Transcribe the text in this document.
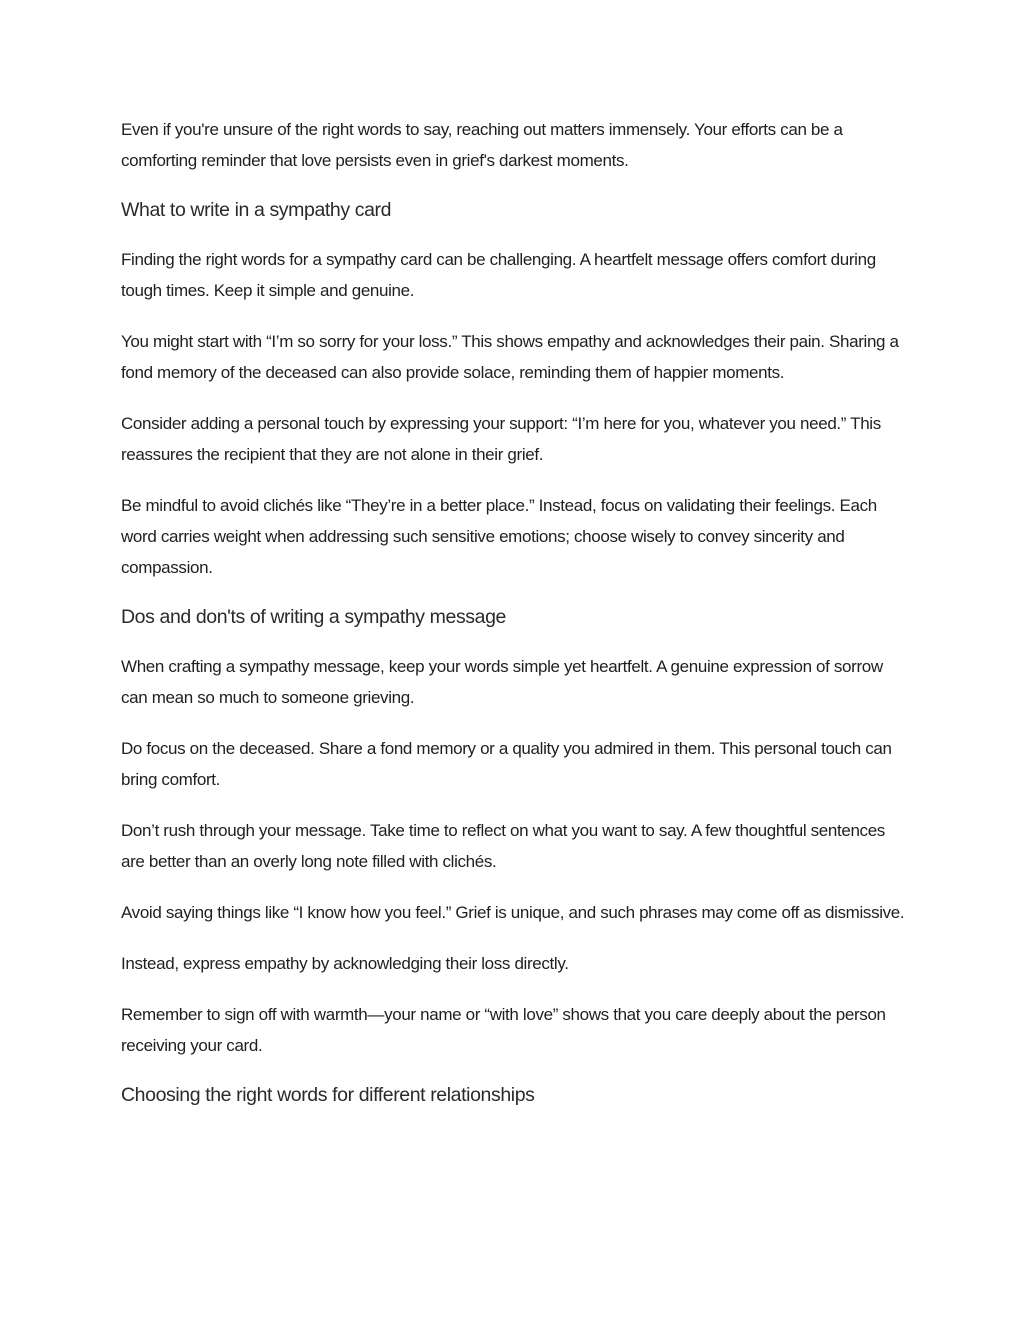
Even if you're unsure of the right words to say, reaching out matters immensely. Your efforts can be a comforting reminder that love persists even in grief's darkest moments.

What to write in a sympathy card

Finding the right words for a sympathy card can be challenging. A heartfelt message offers comfort during tough times. Keep it simple and genuine.

You might start with “I’m so sorry for your loss.” This shows empathy and acknowledges their pain. Sharing a fond memory of the deceased can also provide solace, reminding them of happier moments.

Consider adding a personal touch by expressing your support: “I’m here for you, whatever you need.” This reassures the recipient that they are not alone in their grief.

Be mindful to avoid clichés like “They’re in a better place.” Instead, focus on validating their feelings. Each word carries weight when addressing such sensitive emotions; choose wisely to convey sincerity and compassion.

Dos and don'ts of writing a sympathy message

When crafting a sympathy message, keep your words simple yet heartfelt. A genuine expression of sorrow can mean so much to someone grieving.

Do focus on the deceased. Share a fond memory or a quality you admired in them. This personal touch can bring comfort.

Don’t rush through your message. Take time to reflect on what you want to say. A few thoughtful sentences are better than an overly long note filled with clichés.

Avoid saying things like “I know how you feel.” Grief is unique, and such phrases may come off as dismissive.

Instead, express empathy by acknowledging their loss directly.

Remember to sign off with warmth—your name or “with love” shows that you care deeply about the person receiving your card.

Choosing the right words for different relationships
